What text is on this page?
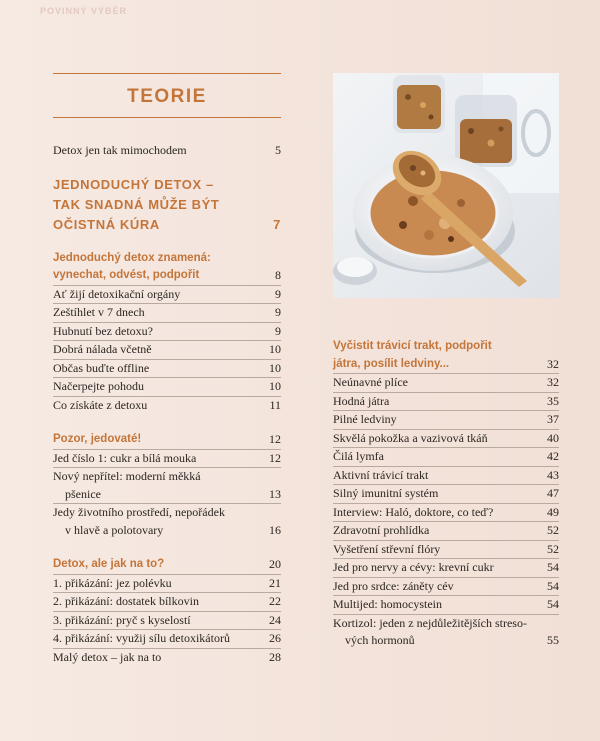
POVINNÝ VÝBĚR
TEORIE
Detox jen tak mimochodem	5
JEDNODUCHÝ DETOX –
TAK SNADNÁ MŮŽE BÝT
OČISTNÁ KÚRA	7
Jednoduchý detox znamená:
vynechat, odvést, podpořit	8
Ať žijí detoxikační orgány	9
Zeštíhlet v 7 dnech	9
Hubnutí bez detoxu?	9
Dobrá nálada včetně	10
Občas buďte offline	10
Načerpejte pohodu	10
Co získáte z detoxu	11
Pozor, jedovaté!	12
Jed číslo 1: cukr a bílá mouka	12
Nový nepřítel: moderní měkká
pšenice	13
Jedy životního prostředí, nepořádek
v hlavě a polotovary	16
Detox, ale jak na to?	20
1. přikázání: jez polévku	21
2. přikázání: dostatek bílkovin	22
3. přikázání: pryč s kyselostí	24
4. přikázání: využij sílu detoxikátorů	26
Malý detox – jak na to	28
Vyčistit trávicí trakt, podpořit
játra, posílit ledviny...	32
Neúnavné plíce	32
Hodná játra	35
Pilné ledviny	37
Skvělá pokožka a vazivová tkáň	40
Čilá lymfa	42
Aktivní trávicí trakt	43
Silný imunitní systém	47
Interview: Haló, doktore, co teď?	49
Zdravotní prohlídka	52
Vyšetření střevní flóry	52
Jed pro nervy a cévy: krevní cukr	54
Jed pro srdce: záněty cév	54
Multijed: homocystein	54
Kortizol: jeden z nejdůležitějších streso-
vých hormonů	55
